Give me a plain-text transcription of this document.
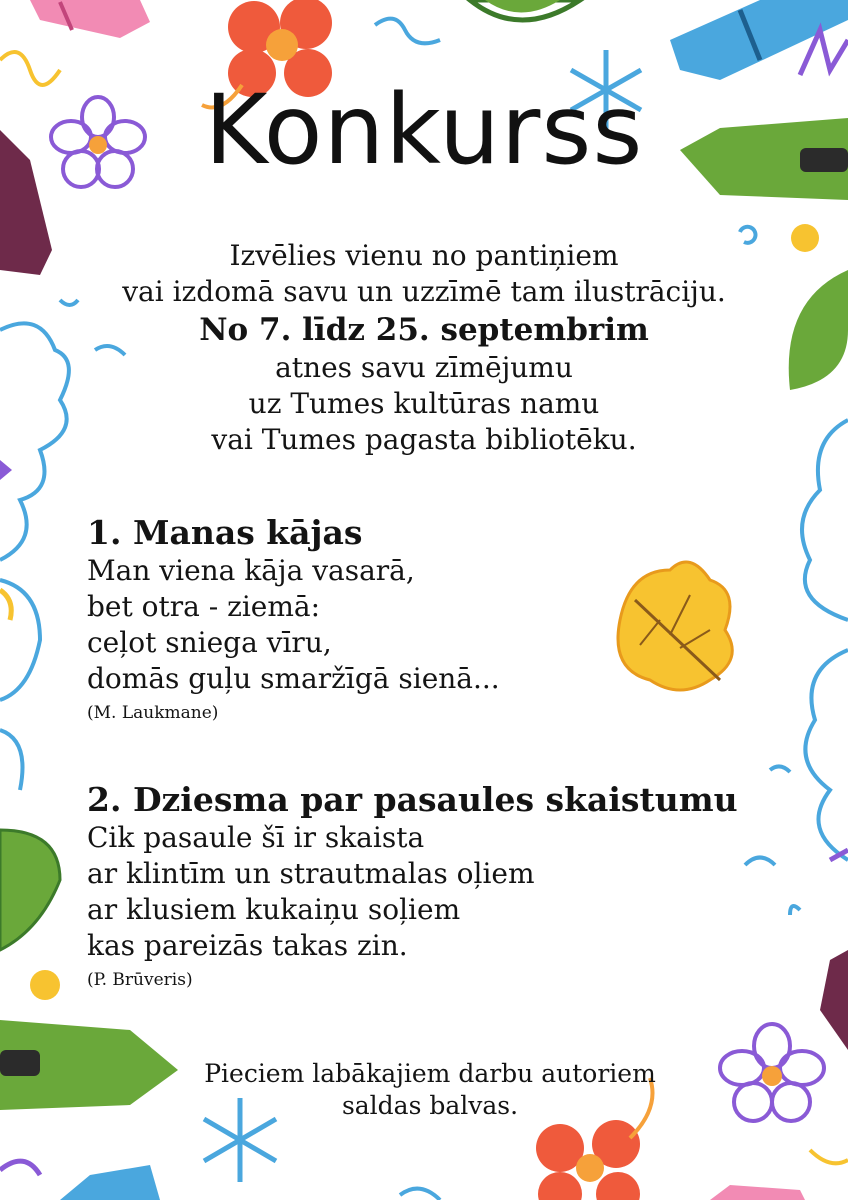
Konkurss
Izvēlies vienu no pantiņiem
vai izdomā savu un uzzīmē tam ilustrāciju.
No 7. līdz 25. septembrim
atnes savu zīmējumu
uz Tumes kultūras namu
vai Tumes pagasta bibliotēku.
1. Manas kājas
Man viena kāja vasarā,
bet otra - ziemā:
ceļot sniega vīru,
domās guļu smaržīgā sienā...
(M. Laukmane)
2. Dziesma par pasaules skaistumu
Cik pasaule šī ir skaista
ar klintīm un strautmalas oļiem
ar klusiem kukaiņu soļiem
kas pareizās takas zin.
(P. Brūveris)
Pieciem labākajiem darbu autoriem
saldas balvas.
